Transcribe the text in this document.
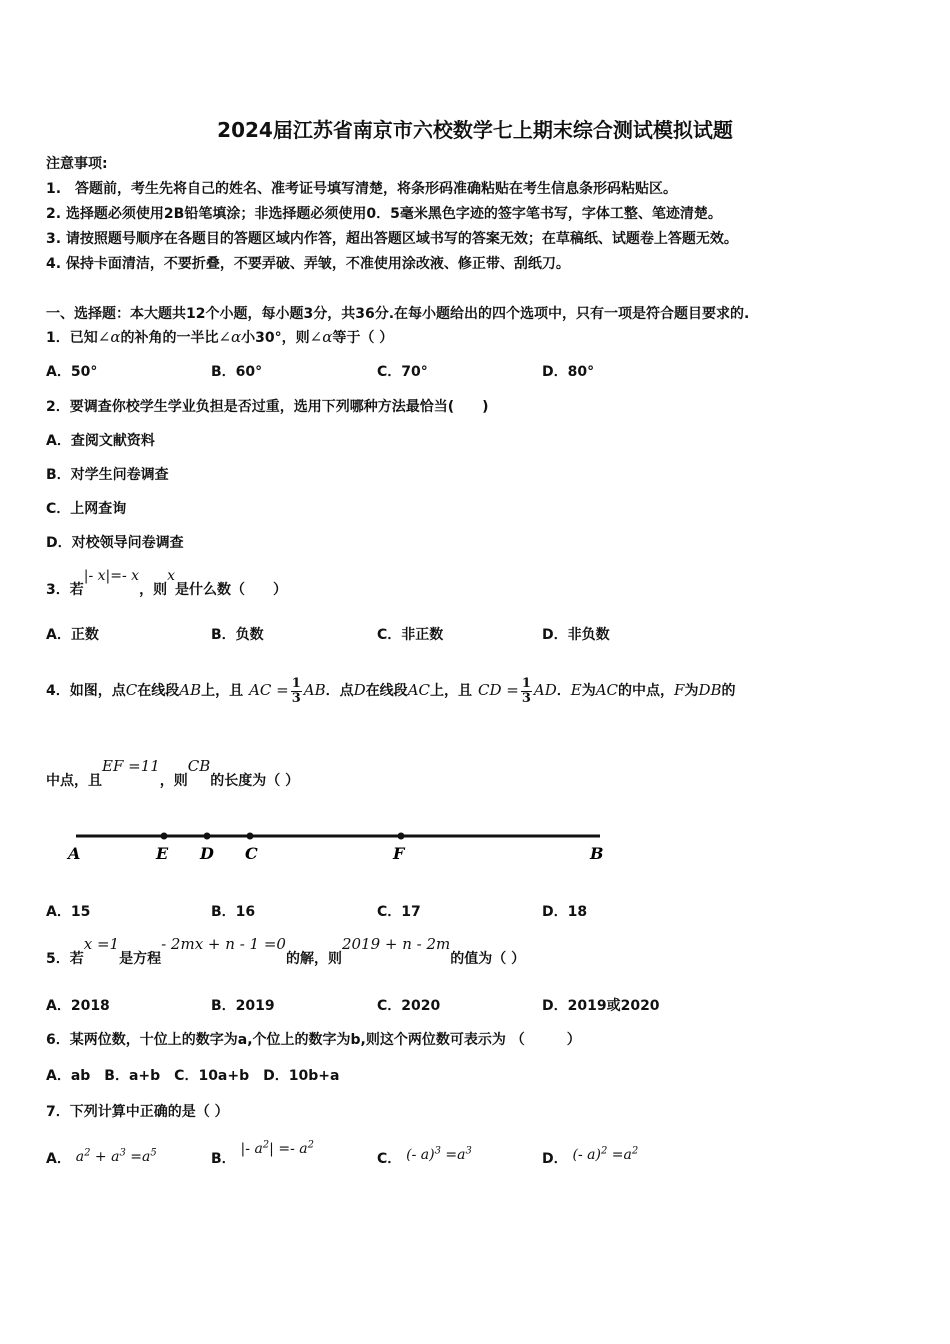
2024届江苏省南京市六校数学七上期末综合测试模拟试题
注意事项:
1.　答题前，考生先将自己的姓名、准考证号填写清楚，将条形码准确粘贴在考生信息条形码粘贴区。
2. 选择题必须使用2B铅笔填涂；非选择题必须使用0．5毫米黑色字迹的签字笔书写，字体工整、笔迹清楚。
3. 请按照题号顺序在各题目的答题区域内作答，超出答题区域书写的答案无效；在草稿纸、试题卷上答题无效。
4. 保持卡面清洁，不要折叠，不要弄破、弄皱，不准使用涂改液、修正带、刮纸刀。
一、选择题：本大题共12个小题，每小题3分，共36分.在每小题给出的四个选项中，只有一项是符合题目要求的.
1．已知∠α的补角的一半比∠α小30°，则∠α等于（ ）
A．50°	B．60°	C．70°	D．80°
2．要调查你校学生学业负担是否过重，选用下列哪种方法最恰当(　　)
A．查阅文献资料
B．对学生问卷调查
C．上网查询
D．对校领导问卷调查
3．若|- x|=- x，则x是什么数（　　）
A．正数	B．负数	C．非正数	D．非负数
4．如图，点C在线段AB上，且 AC = $\frac{1}{3}$ AB．点D在线段AC上，且 CD = $\frac{1}{3}$ AD．E为AC的中点，F为DB的
中点，且EF =11，则CB的长度为（ ）
A	E D C	F	B
A．15	B．16	C．17	D．18
5．若x =1是方程- 2mx + n - 1 =0的解，则2019 + n - 2m的值为（ ）
A．2018	B．2019	C．2020	D．2019或2020
6．某两位数，十位上的数字为a,个位上的数字为b,则这个两位数可表示为 （　　　）
A．ab　B．a+b　C．10a+b　D．10b+a
7．下列计算中正确的是（ ）
A． $a^2 + a^3 =a^5$	B． |- $a^2| =- a^2$
C． (- $a)^3 =a^3$
D． (- $a)^2 =a^2$
